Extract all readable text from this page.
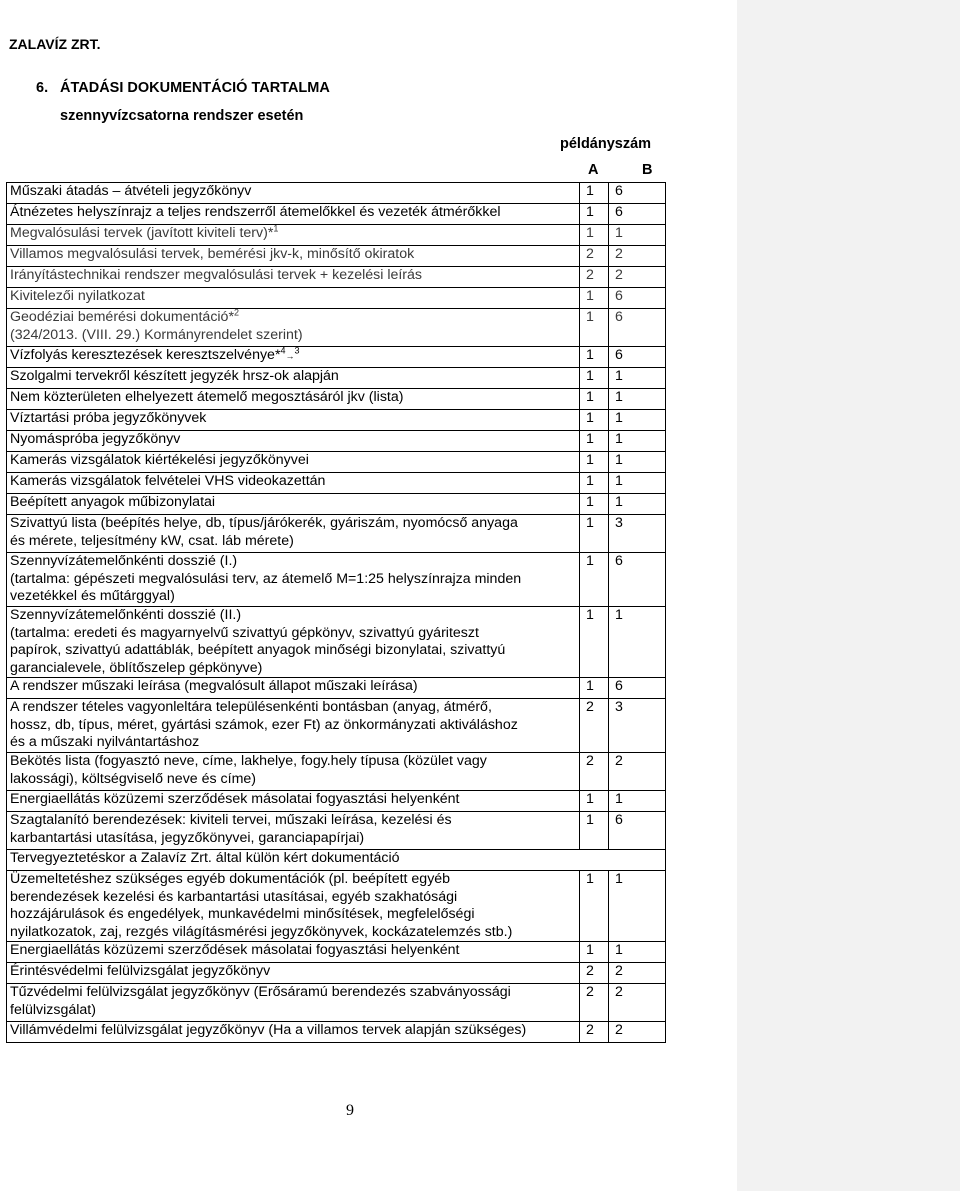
ZALAVÍZ ZRT.
6. ÁTADÁSI DOKUMENTÁCIÓ TARTALMA
szennyvízcsatorna rendszer esetén
példányszám
A	B
Műszaki átadás – átvételi jegyzőkönyv	1	6
Átnézetes helyszínrajz a teljes rendszerről átemelőkkel és vezeték átmérőkkel	1	6
Megvalósulási tervek (javított kiviteli terv)*$^1$	1	1
Villamos megvalósulási tervek, bemérési jkv-k, minősítő okiratok	2	2
Irányítástechnikai rendszer megvalósulási tervek + kezelési leírás	2	2
Kivitelezői nyilatkozat	1	6
Geodéziai bemérési dokumentáció*$^2$
(324/2013. (VIII. 29.) Kormányrendelet szerint)	1	6
Vízfolyás keresztezések keresztszelvénye*$^4$→$^3$	1	6
Szolgalmi tervekről készített jegyzék hrsz-ok alapján	1	1
Nem közterületen elhelyezett átemelő megosztásáról jkv (lista)	1	1
Víztartási próba jegyzőkönyvek	1	1
Nyomáspróba jegyzőkönyv	1	1
Kamerás vizsgálatok kiértékelési jegyzőkönyvei	1	1
Kamerás vizsgálatok felvételei VHS videokazettán	1	1
Beépített anyagok műbizonylatai	1	1
Szivattyú lista (beépítés helye, db, típus/járókerék, gyáriszám, nyomócső anyaga
és mérete, teljesítmény kW, csat. láb mérete)	1	3
Szennyvízátemelőnkénti dosszié (I.)
(tartalma: gépészeti megvalósulási terv, az átemelő M=1:25 helyszínrajza minden
vezetékkel és műtárggyal)	1	6
Szennyvízátemelőnkénti dosszié (II.)
(tartalma: eredeti és magyarnyelvű szivattyú gépkönyv, szivattyú gyáriteszt
papírok, szivattyú adattáblák, beépített anyagok minőségi bizonylatai, szivattyú
garancialevele, öblítőszelep gépkönyve)	1	1
A rendszer műszaki leírása (megvalósult állapot műszaki leírása)	1	6
A rendszer tételes vagyonleltára településenkénti bontásban (anyag, átmérő,
hossz, db, típus, méret, gyártási számok, ezer Ft) az önkormányzati aktiváláshoz
és a műszaki nyilvántartáshoz	2	3
Bekötés lista (fogyasztó neve, címe, lakhelye, fogy.hely típusa (közület vagy
lakossági), költségviselő neve és címe)	2	2
Energiaellátás közüzemi szerződések másolatai fogyasztási helyenként	1	1
Szagtalanító berendezések: kiviteli tervei, műszaki leírása, kezelési és
karbantartási utasítása, jegyzőkönyvei, garanciapapírjai)	1	6
Tervegyeztetéskor a Zalavíz Zrt. által külön kért dokumentáció		
Üzemeltetéshez szükséges egyéb dokumentációk (pl. beépített egyéb
berendezések kezelési és karbantartási utasításai, egyéb szakhatósági
hozzájárulások és engedélyek, munkavédelmi minősítések, megfelelőségi
nyilatkozatok, zaj, rezgés világításmérési jegyzőkönyvek, kockázatelemzés stb.)	1	1
Energiaellátás közüzemi szerződések másolatai fogyasztási helyenként	1	1
Érintésvédelmi felülvizsgálat jegyzőkönyv	2	2
Tűzvédelmi felülvizsgálat jegyzőkönyv (Erősáramú berendezés szabványossági
felülvizsgálat)	2	2
Villámvédelmi felülvizsgálat jegyzőkönyv (Ha a villamos tervek alapján szükséges)	2	2
9
